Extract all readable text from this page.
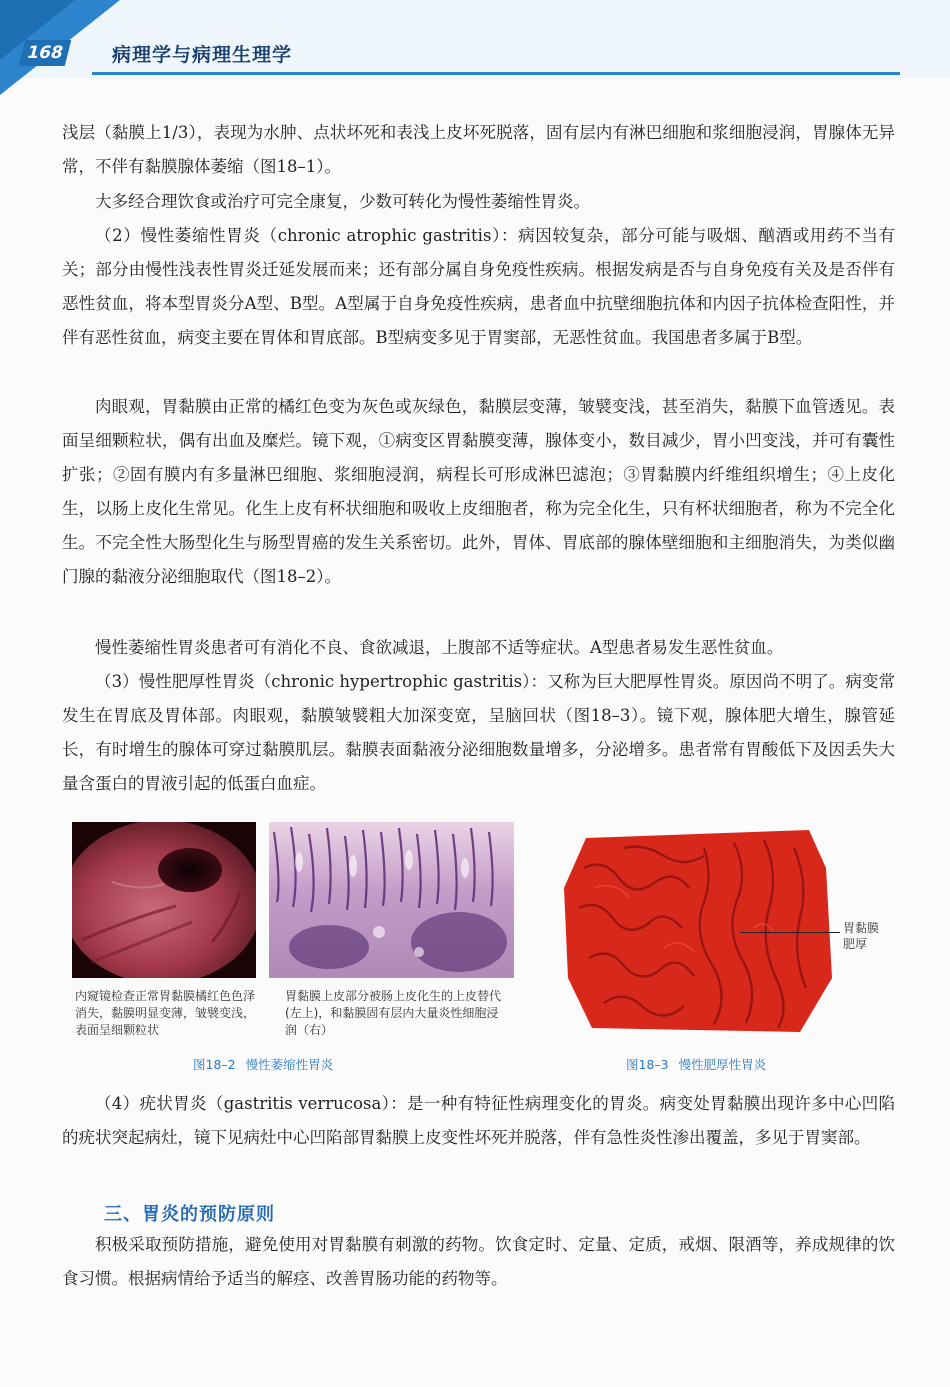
168	病理学与病理生理学

浅层（黏膜上1/3），表现为水肿、点状坏死和表浅上皮坏死脱落，固有层内有淋巴细胞和浆细胞浸润，胃腺体无异常，不伴有黏膜腺体萎缩（图18–1）。

大多经合理饮食或治疗可完全康复，少数可转化为慢性萎缩性胃炎。

（2）慢性萎缩性胃炎（chronic atrophic gastritis）：病因较复杂，部分可能与吸烟、酗酒或用药不当有关；部分由慢性浅表性胃炎迁延发展而来；还有部分属自身免疫性疾病。根据发病是否与自身免疫有关及是否伴有恶性贫血，将本型胃炎分A型、B型。A型属于自身免疫性疾病，患者血中抗壁细胞抗体和内因子抗体检查阳性，并伴有恶性贫血，病变主要在胃体和胃底部。B型病变多见于胃窦部，无恶性贫血。我国患者多属于B型。

肉眼观，胃黏膜由正常的橘红色变为灰色或灰绿色，黏膜层变薄，皱襞变浅，甚至消失，黏膜下血管透见。表面呈细颗粒状，偶有出血及糜烂。镜下观，①病变区胃黏膜变薄，腺体变小，数目减少，胃小凹变浅，并可有囊性扩张；②固有膜内有多量淋巴细胞、浆细胞浸润，病程长可形成淋巴滤泡；③胃黏膜内纤维组织增生；④上皮化生，以肠上皮化生常见。化生上皮有杯状细胞和吸收上皮细胞者，称为完全化生，只有杯状细胞者，称为不完全化生。不完全性大肠型化生与肠型胃癌的发生关系密切。此外，胃体、胃底部的腺体壁细胞和主细胞消失，为类似幽门腺的黏液分泌细胞取代（图18–2）。

慢性萎缩性胃炎患者可有消化不良、食欲减退，上腹部不适等症状。A型患者易发生恶性贫血。

（3）慢性肥厚性胃炎（chronic hypertrophic gastritis）：又称为巨大肥厚性胃炎。原因尚不明了。病变常发生在胃底及胃体部。肉眼观，黏膜皱襞粗大加深变宽，呈脑回状（图18–3）。镜下观，腺体肥大增生，腺管延长，有时增生的腺体可穿过黏膜肌层。黏膜表面黏液分泌细胞数量增多，分泌增多。患者常有胃酸低下及因丢失大量含蛋白的胃液引起的低蛋白血症。

胃黏膜
肥厚
内窥镜检查正常胃黏膜橘红色色泽消失，黏膜明显变薄，皱襞变浅，表面呈细颗粒状
胃黏膜上皮部分被肠上皮化生的上皮替代(左上)，和黏膜固有层内大量炎性细胞浸润（右）
图18–2 慢性萎缩性胃炎	图18–3 慢性肥厚性胃炎

（4）疣状胃炎（gastritis verrucosa）：是一种有特征性病理变化的胃炎。病变处胃黏膜出现许多中心凹陷的疣状突起病灶，镜下见病灶中心凹陷部胃黏膜上皮变性坏死并脱落，伴有急性炎性渗出覆盖，多见于胃窦部。

三、胃炎的预防原则

积极采取预防措施，避免使用对胃黏膜有刺激的药物。饮食定时、定量、定质，戒烟、限酒等，养成规律的饮食习惯。根据病情给予适当的解痉、改善胃肠功能的药物等。
